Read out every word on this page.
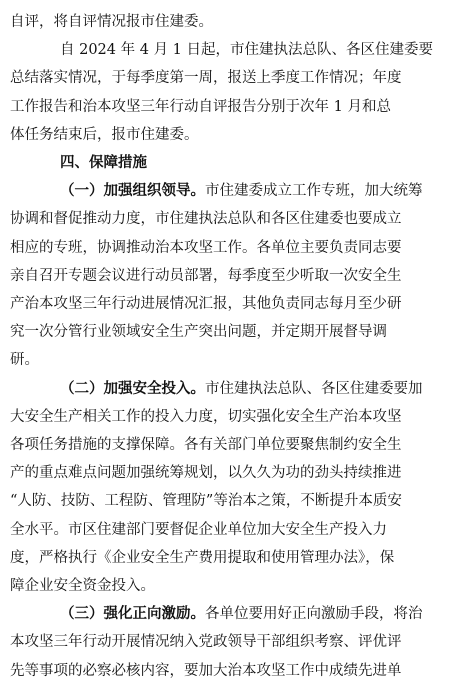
自评，将自评情况报市住建委。
自 2024 年 4 月 1 日起，市住建执法总队、各区住建委要
总结落实情况，于每季度第一周，报送上季度工作情况；年度
工作报告和治本攻坚三年行动自评报告分别于次年 1 月和总
体任务结束后，报市住建委。
四、保障措施
（一）加强组织领导。市住建委成立工作专班，加大统筹
协调和督促推动力度，市住建执法总队和各区住建委也要成立
相应的专班，协调推动治本攻坚工作。各单位主要负责同志要
亲自召开专题会议进行动员部署，每季度至少听取一次安全生
产治本攻坚三年行动进展情况汇报，其他负责同志每月至少研
究一次分管行业领域安全生产突出问题，并定期开展督导调
研。
（二）加强安全投入。市住建执法总队、各区住建委要加
大安全生产相关工作的投入力度，切实强化安全生产治本攻坚
各项任务措施的支撑保障。各有关部门单位要聚焦制约安全生
产的重点难点问题加强统筹规划，以久久为功的劲头持续推进
“人防、技防、工程防、管理防”等治本之策，不断提升本质安
全水平。市区住建部门要督促企业单位加大安全生产投入力
度，严格执行《企业安全生产费用提取和使用管理办法》，保
障企业安全资金投入。
（三）强化正向激励。各单位要用好正向激励手段，将治
本攻坚三年行动开展情况纳入党政领导干部组织考察、评优评
先等事项的必察必核内容，要加大治本攻坚工作中成绩先进单
